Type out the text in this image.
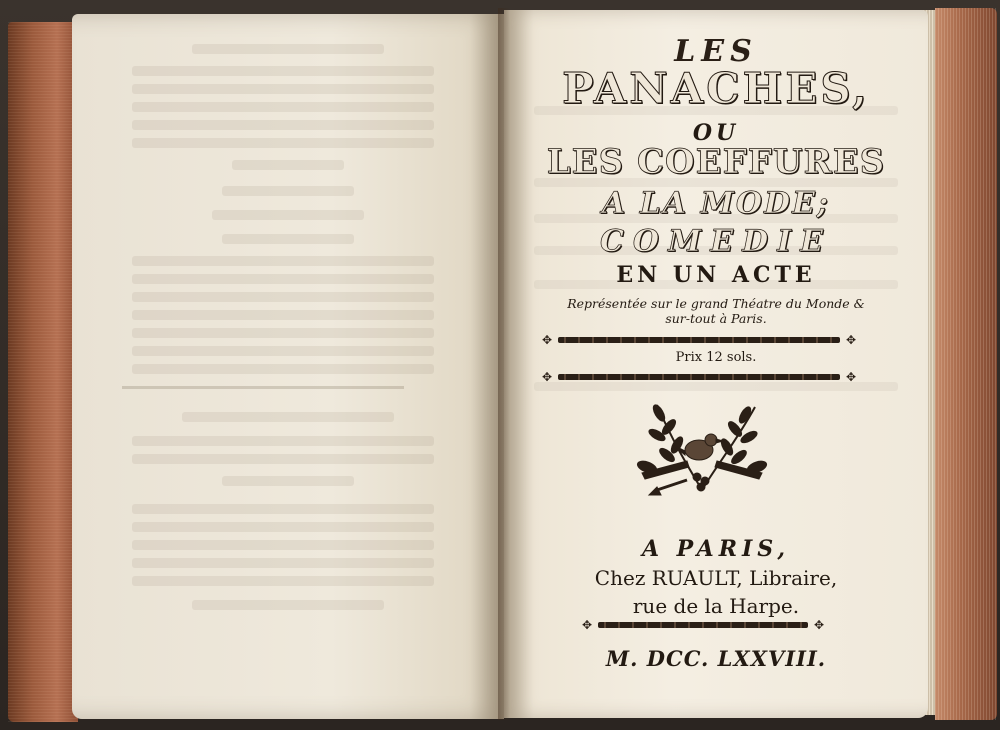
LES
PANACHES,
OU
LES COEFFURES
A LA MODE;
COMEDIE
EN UN ACTE
Représentée sur le grand Théatre du Monde & sur-tout à Paris.
✥	✥
Prix 12 sols.
✥	✥
A PARIS,
Chez RUAULT, Libraire,
rue de la Harpe.
✥	✥
M. DCC. LXXVIII.
